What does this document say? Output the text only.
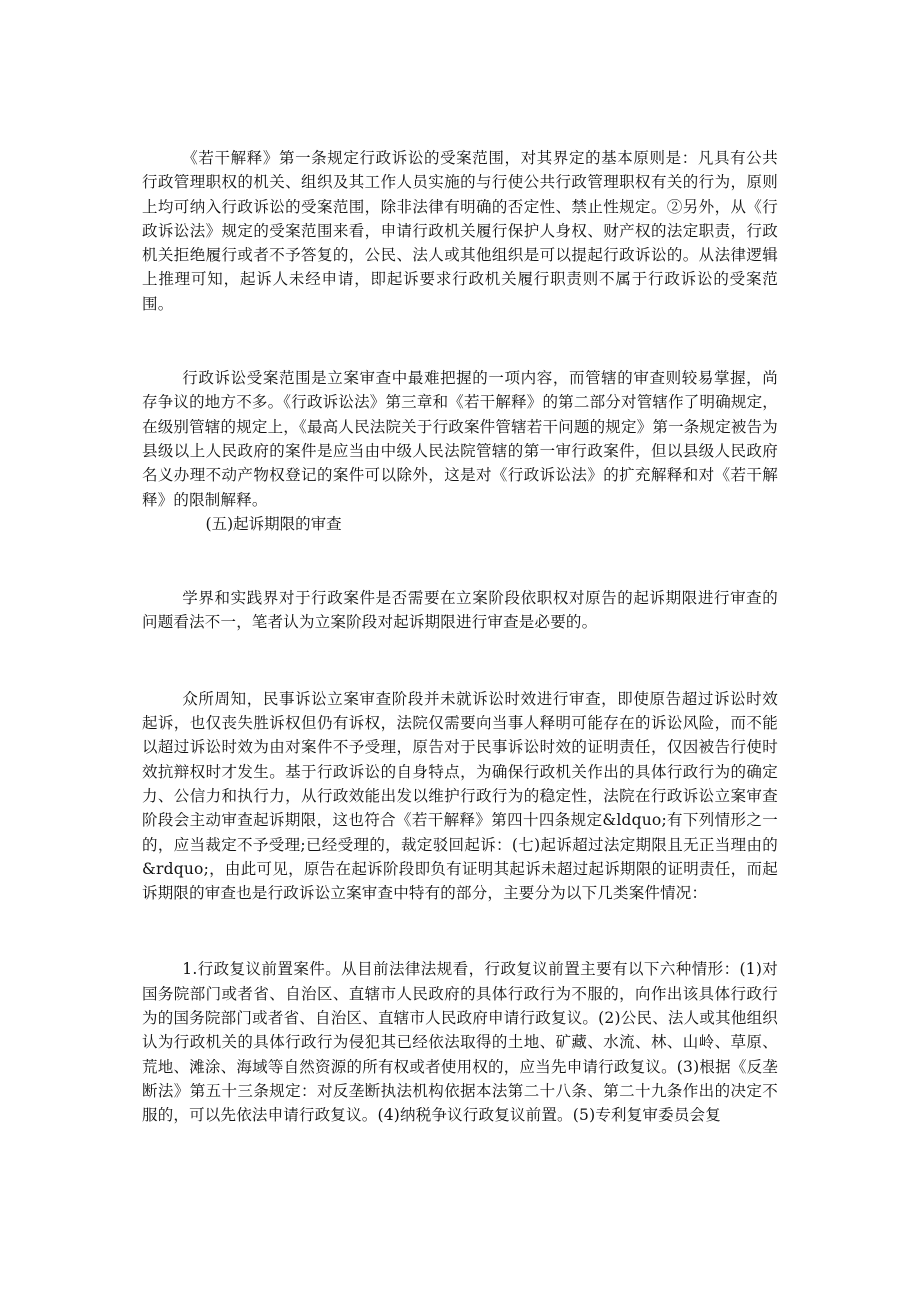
《若干解释》第一条规定行政诉讼的受案范围，对其界定的基本原则是：凡具有公共行政管理职权的机关、组织及其工作人员实施的与行使公共行政管理职权有关的行为，原则上均可纳入行政诉讼的受案范围，除非法律有明确的否定性、禁止性规定。②另外，从《行政诉讼法》规定的受案范围来看，申请行政机关履行保护人身权、财产权的法定职责，行政机关拒绝履行或者不予答复的，公民、法人或其他组织是可以提起行政诉讼的。从法律逻辑上推理可知，起诉人未经申请，即起诉要求行政机关履行职责则不属于行政诉讼的受案范围。

行政诉讼受案范围是立案审查中最难把握的一项内容，而管辖的审查则较易掌握，尚存争议的地方不多。《行政诉讼法》第三章和《若干解释》的第二部分对管辖作了明确规定，在级别管辖的规定上，《最高人民法院关于行政案件管辖若干问题的规定》第一条规定被告为县级以上人民政府的案件是应当由中级人民法院管辖的第一审行政案件，但以县级人民政府名义办理不动产物权登记的案件可以除外，这是对《行政诉讼法》的扩充解释和对《若干解释》的限制解释。

(五)起诉期限的审查

学界和实践界对于行政案件是否需要在立案阶段依职权对原告的起诉期限进行审查的问题看法不一，笔者认为立案阶段对起诉期限进行审查是必要的。

众所周知，民事诉讼立案审查阶段并未就诉讼时效进行审查，即使原告超过诉讼时效起诉，也仅丧失胜诉权但仍有诉权，法院仅需要向当事人释明可能存在的诉讼风险，而不能以超过诉讼时效为由对案件不予受理，原告对于民事诉讼时效的证明责任，仅因被告行使时效抗辩权时才发生。基于行政诉讼的自身特点，为确保行政机关作出的具体行政行为的确定力、公信力和执行力，从行政效能出发以维护行政行为的稳定性，法院在行政诉讼立案审查阶段会主动审查起诉期限，这也符合《若干解释》第四十四条规定&ldquo;有下列情形之一的，应当裁定不予受理;已经受理的，裁定驳回起诉：(七)起诉超过法定期限且无正当理由的&rdquo;，由此可见，原告在起诉阶段即负有证明其起诉未超过起诉期限的证明责任，而起诉期限的审查也是行政诉讼立案审查中特有的部分，主要分为以下几类案件情况：

1.行政复议前置案件。从目前法律法规看，行政复议前置主要有以下六种情形：(1)对国务院部门或者省、自治区、直辖市人民政府的具体行政行为不服的，向作出该具体行政行为的国务院部门或者省、自治区、直辖市人民政府申请行政复议。(2)公民、法人或其他组织认为行政机关的具体行政行为侵犯其已经依法取得的土地、矿藏、水流、林、山岭、草原、荒地、滩涂、海域等自然资源的所有权或者使用权的，应当先申请行政复议。(3)根据《反垄断法》第五十三条规定：对反垄断执法机构依据本法第二十八条、第二十九条作出的决定不服的，可以先依法申请行政复议。(4)纳税争议行政复议前置。(5)专利复审委员会复
